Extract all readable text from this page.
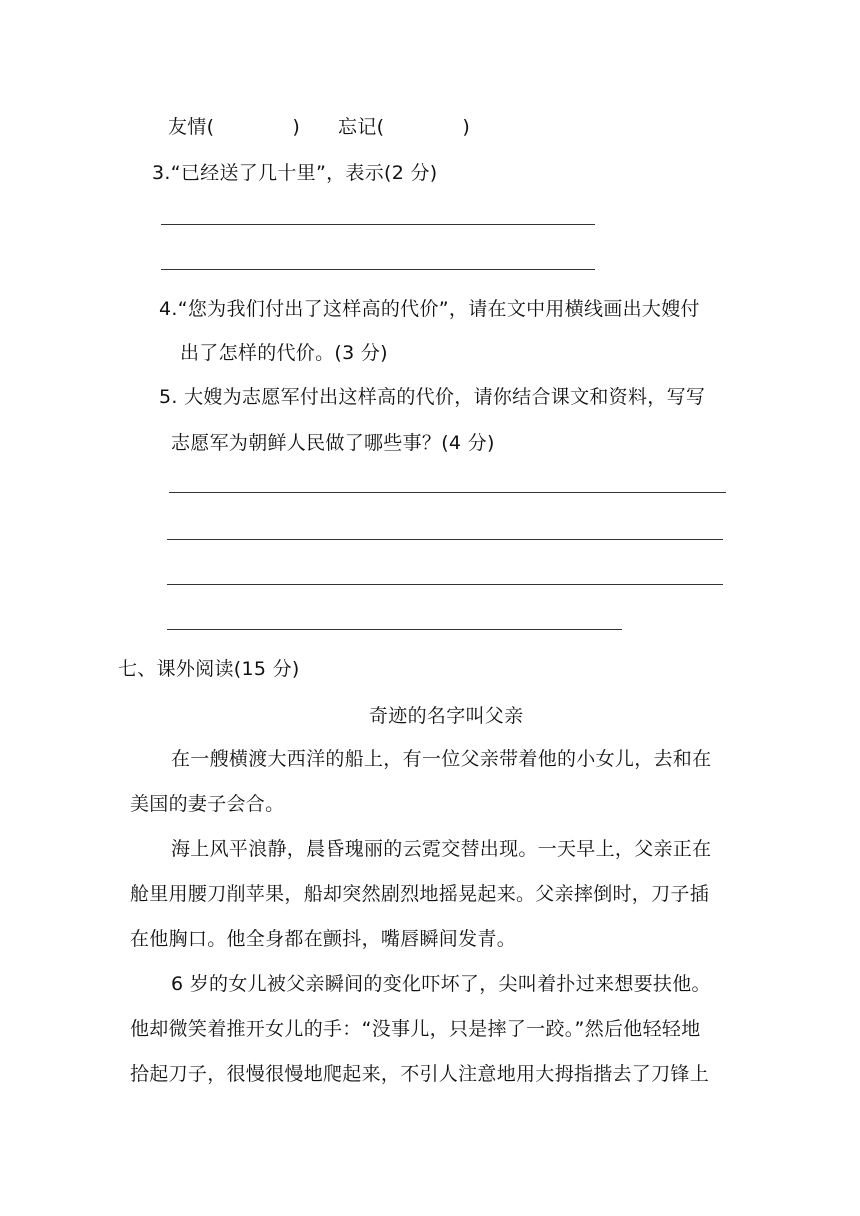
友情(	) 忘记(	)
3.“已经送了几十里”，表示(2 分)
4.“您为我们付出了这样高的代价”，请在文中用横线画出大嫂付
出了怎样的代价。(3 分)
5. 大嫂为志愿军付出这样高的代价，请你结合课文和资料，写写
志愿军为朝鲜人民做了哪些事？(4 分)
七、课外阅读(15 分)
奇迹的名字叫父亲
在一艘横渡大西洋的船上，有一位父亲带着他的小女儿，去和在
美国的妻子会合。
海上风平浪静，晨昏瑰丽的云霓交替出现。一天早上，父亲正在
舱里用腰刀削苹果，船却突然剧烈地摇晃起来。父亲摔倒时，刀子插
在他胸口。他全身都在颤抖，嘴唇瞬间发青。
6 岁的女儿被父亲瞬间的变化吓坏了，尖叫着扑过来想要扶他。
他却微笑着推开女儿的手：“没事儿，只是摔了一跤。”然后他轻轻地
拾起刀子，很慢很慢地爬起来，不引人注意地用大拇指揩去了刀锋上
